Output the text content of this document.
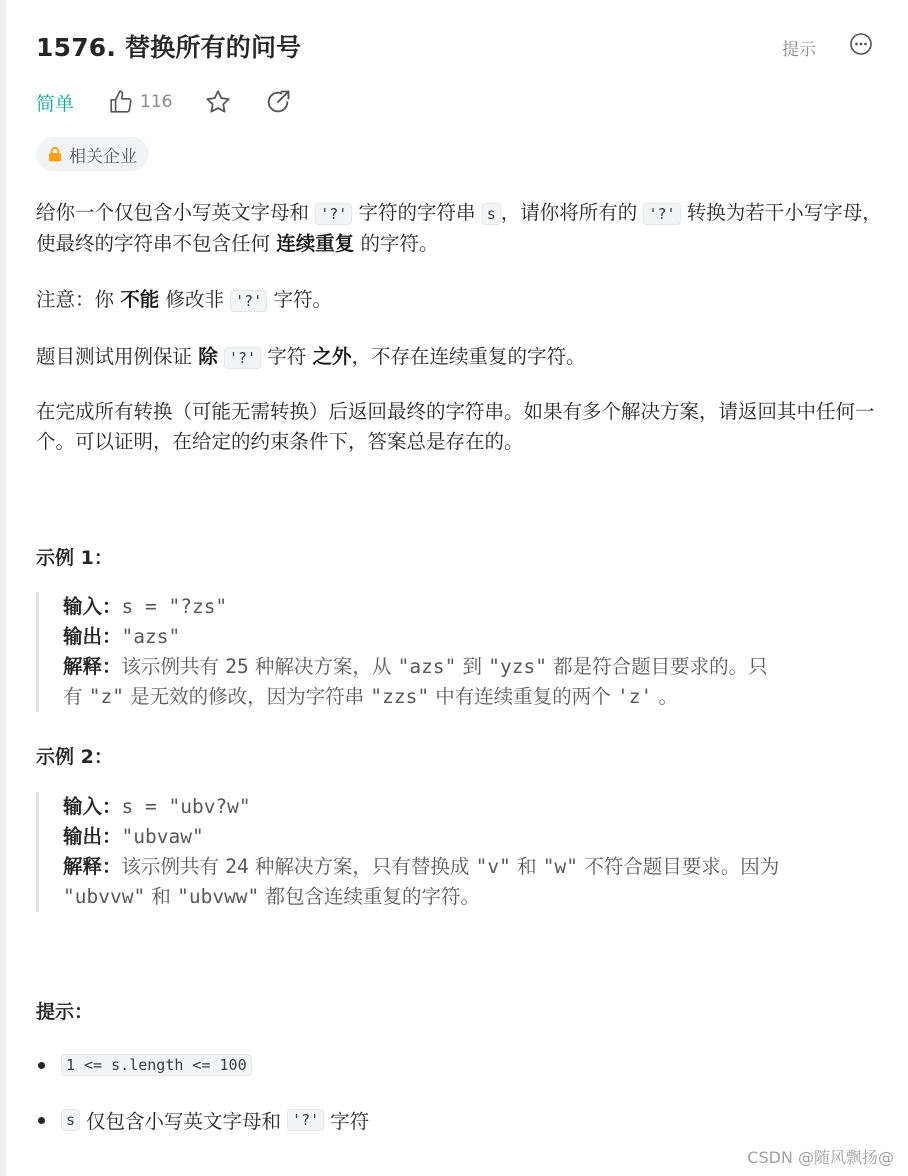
1576. 替换所有的问号	提示
简单	116
相关企业
给你一个仅包含小写英文字母和 '?' 字符的字符串 s ，请你将所有的 '?' 转换为若干小写字母，使最终的字符串不包含任何 连续重复 的字符。
注意：你 不能 修改非 '?' 字符。
题目测试用例保证 除 '?' 字符 之外，不存在连续重复的字符。
在完成所有转换（可能无需转换）后返回最终的字符串。如果有多个解决方案，请返回其中任何一个。可以证明，在给定的约束条件下，答案总是存在的。
示例 1：
输入：s = "?zs"
输出："azs"
解释：该示例共有 25 种解决方案，从 "azs" 到 "yzs" 都是符合题目要求的。只
有 "z" 是无效的修改，因为字符串 "zzs" 中有连续重复的两个 'z' 。
示例 2：
输入：s = "ubv?w"
输出："ubvaw"
解释：该示例共有 24 种解决方案，只有替换成 "v" 和 "w" 不符合题目要求。因为
"ubvvw" 和 "ubvww" 都包含连续重复的字符。
提示：
1 <= s.length <= 100
s 仅包含小写英文字母和 '?' 字符
CSDN @随风飘扬@
